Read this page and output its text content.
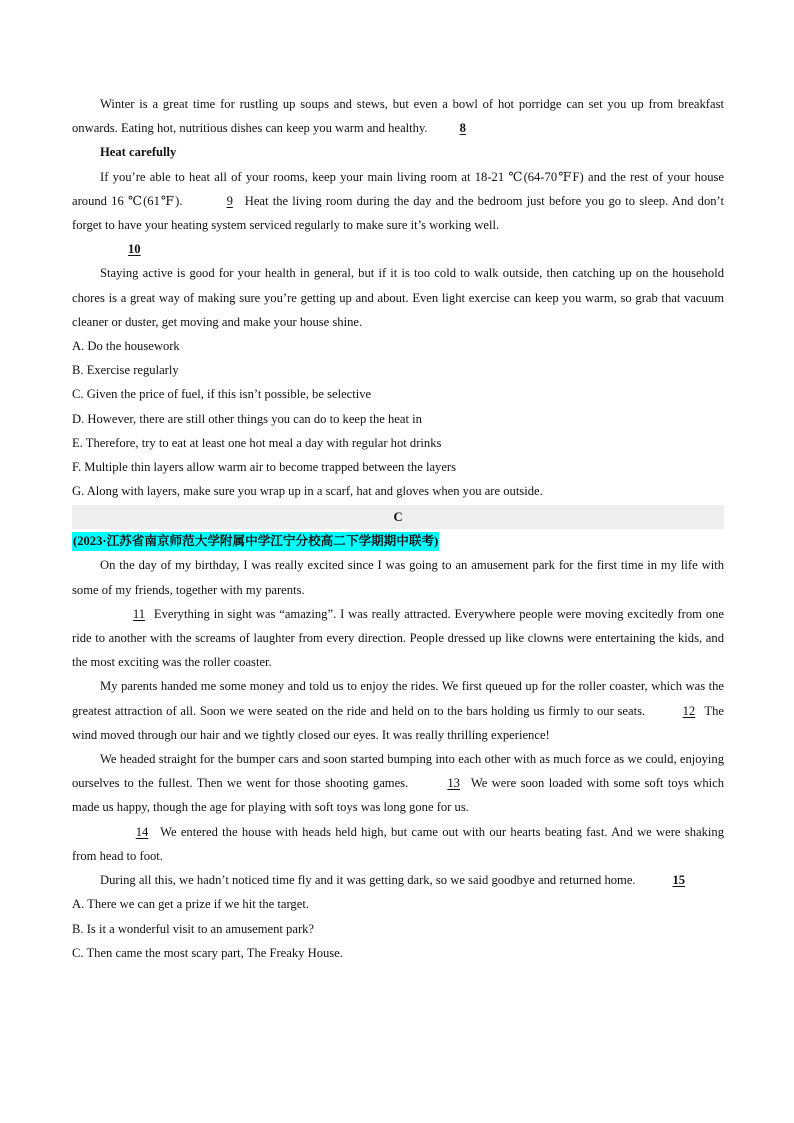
Winter is a great time for rustling up soups and stews, but even a bowl of hot porridge can set you up from breakfast onwards. Eating hot, nutritious dishes can keep you warm and healthy. 8

Heat carefully

If you’re able to heat all of your rooms, keep your main living room at 18-21 ℃(64-70℉F) and the rest of your house around 16 ℃(61℉).	9 Heat the living room during the day and the bedroom just before you go to sleep. And don’t forget to have your heating system serviced regularly to make sure it’s working well.

10

Staying active is good for your health in general, but if it is too cold to walk outside, then catching up on the household chores is a great way of making sure you’re getting up and about. Even light exercise can keep you warm, so grab that vacuum cleaner or duster, get moving and make your house shine.

A. Do the housework

B. Exercise regularly

C. Given the price of fuel, if this isn’t possible, be selective

D. However, there are still other things you can do to keep the heat in

E. Therefore, try to eat at least one hot meal a day with regular hot drinks

F. Multiple thin layers allow warm air to become trapped between the layers

G. Along with layers, make sure you wrap up in a scarf, hat and gloves when you are outside.

C
(2023·江苏省南京师范大学附属中学江宁分校高二下学期期中联考)

On the day of my birthday, I was really excited since I was going to an amusement park for the first time in my life with some of my friends, together with my parents.

11 Everything in sight was “amazing”. I was really attracted. Everywhere people were moving excitedly from one ride to another with the screams of laughter from every direction. People dressed up like clowns were entertaining the kids, and the most exciting was the roller coaster.

My parents handed me some money and told us to enjoy the rides. We first queued up for the roller coaster, which was the greatest attraction of all. Soon we were seated on the ride and held on to the bars holding us firmly to our seats.	12 The wind moved through our hair and we tightly closed our eyes. It was really thrilling experience!

We headed straight for the bumper cars and soon started bumping into each other with as much force as we could, enjoying ourselves to the fullest. Then we went for those shooting games.	13 We were soon loaded with some soft toys which made us happy, though the age for playing with soft toys was long gone for us.

14 We entered the house with heads held high, but came out with our hearts beating fast. And we were shaking from head to foot.

During all this, we hadn’t noticed time fly and it was getting dark, so we said goodbye and returned home.	15

A. There we can get a prize if we hit the target.

B. Is it a wonderful visit to an amusement park?

C. Then came the most scary part, The Freaky House.
